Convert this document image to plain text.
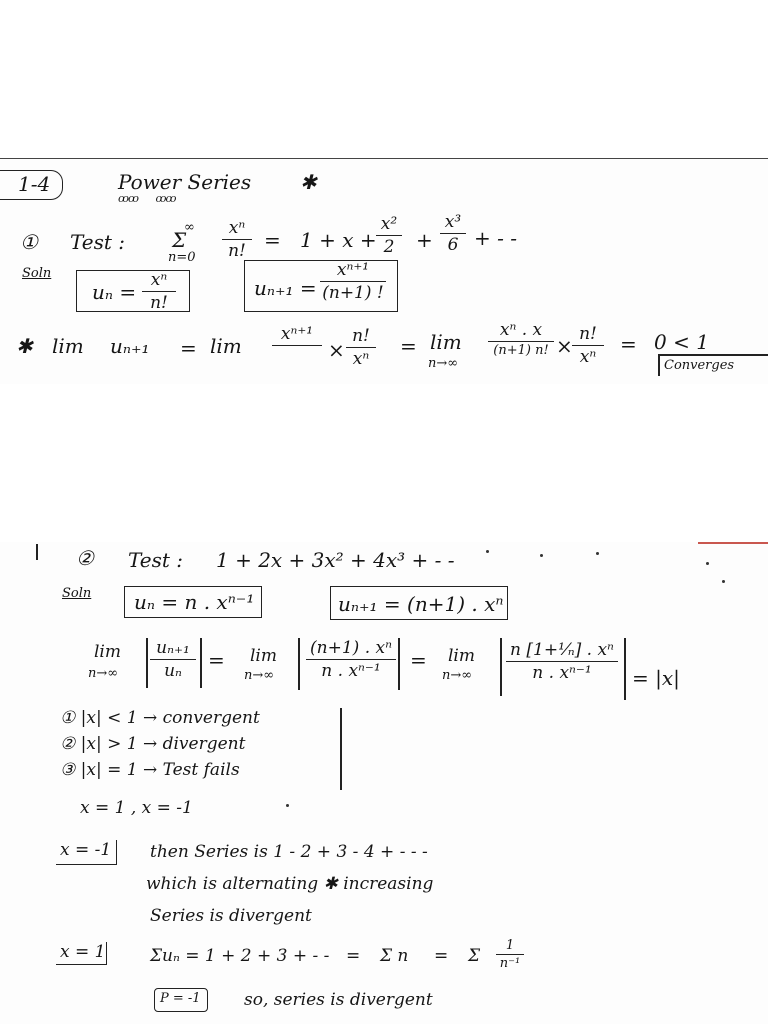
1-4	Power Series
ꝏꝏ       ꝏꝏ
✱
① Test :
∞
Σ
n=0
xⁿ
n! = 1 + x +
x²
2	+
x³
6 + - -
Soln
uₙ = xⁿ
n!
uₙ₊₁ =
xⁿ⁺¹
(n+1) !
✱ lim uₙ₊₁ = lim	xⁿ⁺¹
×
n!
xⁿ
= lim
n→∞
xⁿ . x
(n+1) n! × n!
xⁿ
= 0 < 1
Converges
② Test : 1 + 2x + 3x² + 4x³ + - -
Soln uₙ = n . xⁿ⁻¹	uₙ₊₁ = (n+1) . xⁿ
lim
n→∞
uₙ₊₁
uₙ	= lim
n→∞
(n+1) . xⁿ
n . xⁿ⁻¹	= lim
n→∞
n [1+¹⁄ₙ] . xⁿ
n . xⁿ⁻¹	= |x|
① |x| < 1 → convergent
② |x| > 1 → divergent
③ |x| = 1 → Test fails
x = 1 , x = -1
x = -1 then Series is 1 - 2 + 3 - 4 + - - -
which is alternating ✱ increasing
Series is divergent
x = 1	Σuₙ = 1 + 2 + 3 + - - = Σ n = Σ
1
n⁻¹
P = -1	so, series is divergent
